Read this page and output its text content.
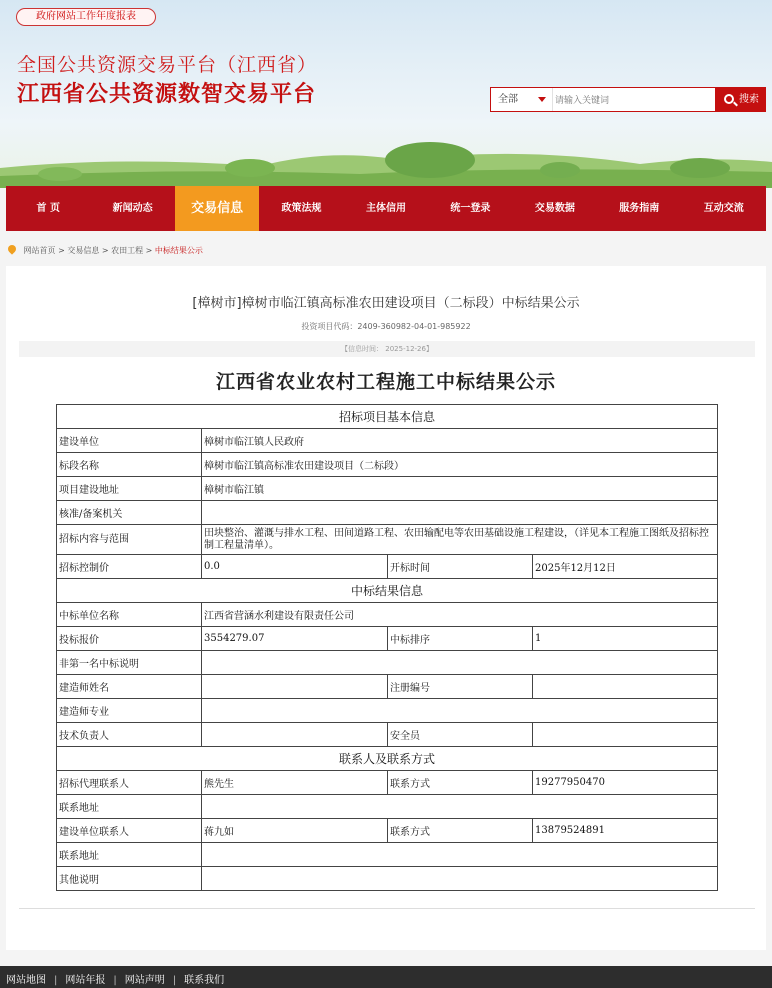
政府网站工作年度报表
全国公共资源交易平台（江西省）
江西省公共资源数智交易平台	全部
请输入关键词	搜索
首 页	新闻动态	交易信息	政策法规	主体信用	统一登录	交易数据	服务指南	互动交流
网站首页 > 交易信息 > 农田工程 > 中标结果公示
[樟树市]樟树市临江镇高标准农田建设项目（二标段）中标结果公示
投资项目代码：2409-360982-04-01-985922
【信息时间： 2025-12-26】
江西省农业农村工程施工中标结果公示
招标项目基本信息			
建设单位	樟树市临江镇人民政府		
标段名称	樟树市临江镇高标准农田建设项目（二标段）		
项目建设地址	樟树市临江镇		
核准/备案机关			
招标内容与范围	田块整治、灌溉与排水工程、田间道路工程、农田输配电等农田基础设施工程建设，（详见本工程施工图纸及招标控制工程量清单）。		
招标控制价	0.0	开标时间	2025年12月12日
中标结果信息			
中标单位名称	江西省营涵水利建设有限责任公司		
投标报价	3554279.07	中标排序	1
非第一名中标说明			
建造师姓名		注册编号	
建造师专业			
技术负责人		安全员	
联系人及联系方式			
招标代理联系人	熊先生	联系方式	19277950470
联系地址			
建设单位联系人	蒋九如	联系方式	13879524891
联系地址			
其他说明			
网站地图 | 网站年报 | 网站声明 | 联系我们
